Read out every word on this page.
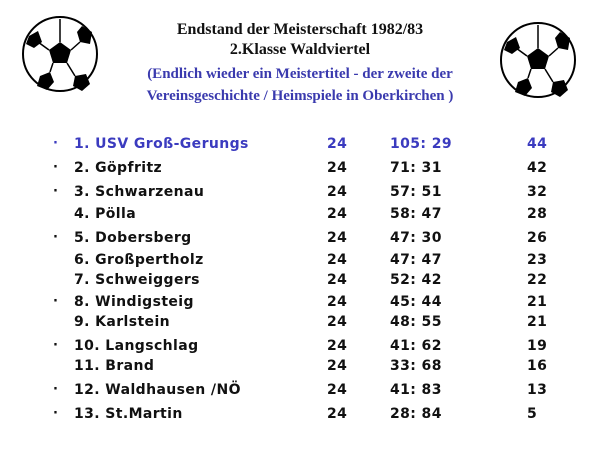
Endstand der Meisterschaft 1982/83
2.Klasse Waldviertel
(Endlich wieder ein Meistertitel - der zweite der
Vereinsgeschichte / Heimspiele in Oberkirchen )
· 1. USV Groß-Gerungs	24	105: 29	44
· 2. Göpfritz	24	71: 31	42
· 3. Schwarzenau	24	57: 51	32
4. Pölla	24	58: 47	28
· 5. Dobersberg	24	47: 30	26
6. Großpertholz	24	47: 47	23
7. Schweiggers	24	52: 42	22
· 8. Windigsteig	24	45: 44	21
9. Karlstein	24	48: 55	21
· 10. Langschlag	24	41: 62	19
11. Brand	24	33: 68	16
· 12. Waldhausen /NÖ	24	41: 83	13
· 13. St.Martin	24	28: 84	5
